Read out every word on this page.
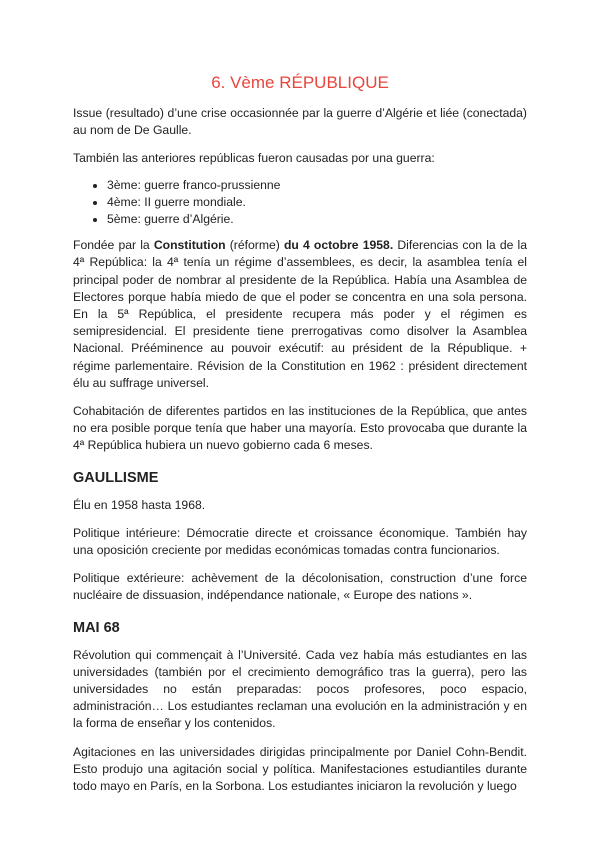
6. Vème RÉPUBLIQUE

Issue (resultado) d’une crise occasionnée par la guerre d’Algérie et liée (conectada) au nom de De Gaulle.

También las anteriores repúblicas fueron causadas por una guerra:

• 3ème: guerre franco-prussienne
• 4ème: II guerre mondiale.
• 5ème: guerre d’Algérie.

Fondée par la Constitution (réforme) du 4 octobre 1958. Diferencias con la de la 4ª República: la 4ª tenía un régime d’assemblees, es decir, la asamblea tenía el principal poder de nombrar al presidente de la República. Había una Asamblea de Electores porque había miedo de que el poder se concentra en una sola persona. En la 5ª República, el presidente recupera más poder y el régimen es semipresidencial. El presidente tiene prerrogativas como disolver la Asamblea Nacional. Prééminence au pouvoir exécutif: au président de la République. + régime parlementaire. Révision de la Constitution en 1962 : président directement élu au suffrage universel.

Cohabitación de diferentes partidos en las instituciones de la República, que antes no era posible porque tenía que haber una mayoría. Esto provocaba que durante la 4ª República hubiera un nuevo gobierno cada 6 meses.

GAULLISME

Élu en 1958 hasta 1968.

Politique intérieure: Démocratie directe et croissance économique. También hay una oposición creciente por medidas económicas tomadas contra funcionarios.

Politique extérieure: achèvement de la décolonisation, construction d’une force nucléaire de dissuasion, indépendance nationale, « Europe des nations ».

MAI 68

Révolution qui commençait à l’Université. Cada vez había más estudiantes en las universidades (también por el crecimiento demográfico tras la guerra), pero las universidades no están preparadas: pocos profesores, poco espacio, administración… Los estudiantes reclaman una evolución en la administración y en la forma de enseñar y los contenidos.

Agitaciones en las universidades dirigidas principalmente por Daniel Cohn-Bendit. Esto produjo una agitación social y política. Manifestaciones estudiantiles durante todo mayo en París, en la Sorbona. Los estudiantes iniciaron la revolución y luego
